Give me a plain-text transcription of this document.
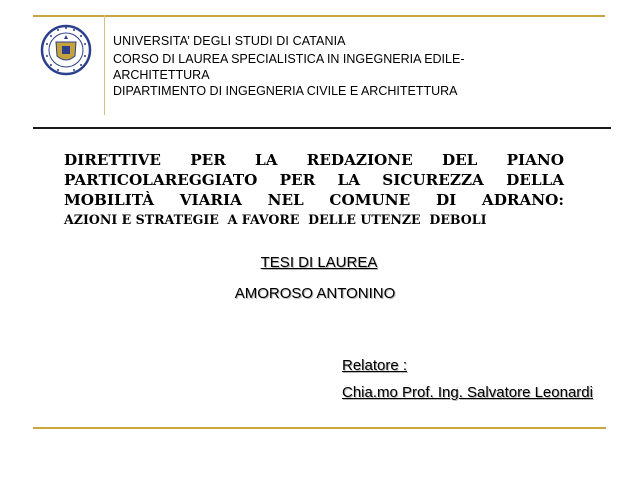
UNIVERSITA’ DEGLI STUDI DI CATANIA
CORSO DI LAUREA SPECIALISTICA IN INGEGNERIA EDILE-
ARCHITETTURA
DIPARTIMENTO DI INGEGNERIA CIVILE E ARCHITETTURA
DIRETTIVE PER LA REDAZIONE DEL PIANO
PARTICOLAREGGIATO PER LA SICUREZZA DELLA
MOBILITÀ VIARIA NEL COMUNE DI ADRANO:
AZIONI E STRATEGIE  A FAVORE  DELLE UTENZE  DEBOLI
TESI DI LAUREA
AMOROSO ANTONINO
Relatore :
Chia.mo Prof. Ing. Salvatore Leonardi
